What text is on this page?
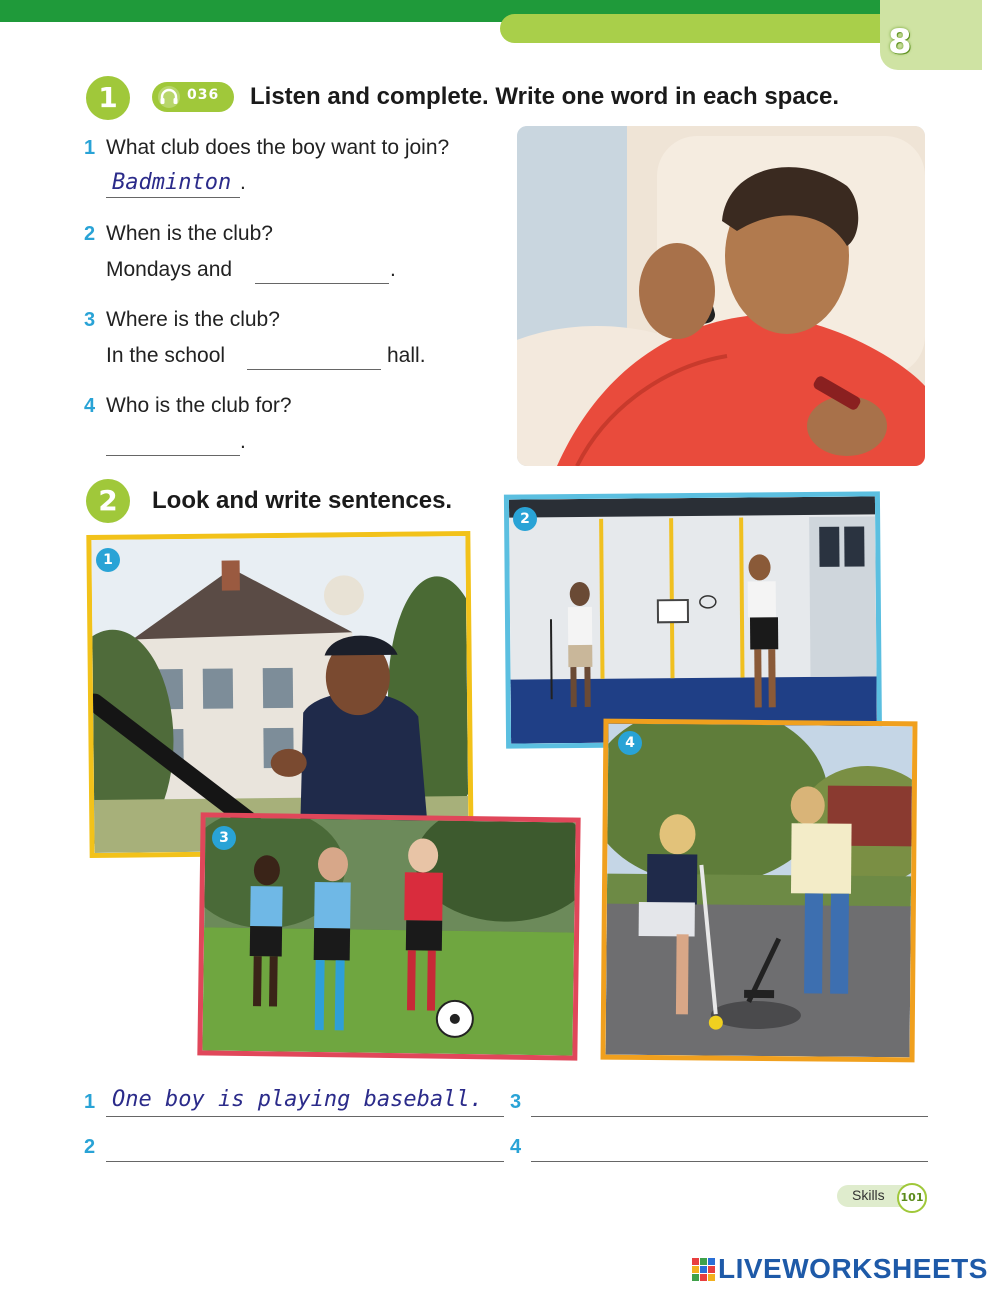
8
1	036 Listen and complete. Write one word in each space.
1 What club does the boy want to join?
Badminton .
2 When is the club?
Mondays and	.
3 Where is the club?
In the school	hall.
4 Who is the club for?
.
2	Look and write sentences.
1
2
3
4
1 One boy is playing baseball. 3
2	4
Skills	101
LIVEWORKSHEETS
